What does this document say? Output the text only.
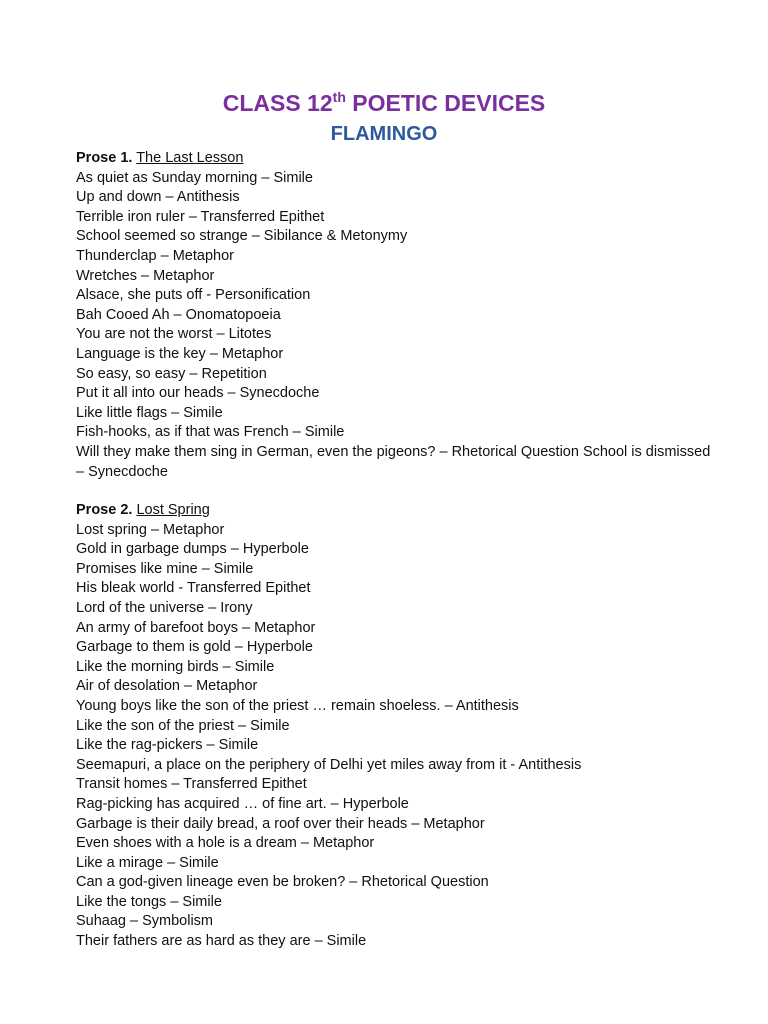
CLASS 12th POETIC DEVICES
FLAMINGO

Prose 1. The Last Lesson

As quiet as Sunday morning – Simile
Up and down – Antithesis
Terrible iron ruler – Transferred Epithet
School seemed so strange – Sibilance & Metonymy
Thunderclap – Metaphor
Wretches – Metaphor
Alsace, she puts off - Personification
Bah Cooed Ah – Onomatopoeia
You are not the worst – Litotes
Language is the key – Metaphor
So easy, so easy – Repetition
Put it all into our heads – Synecdoche
Like little flags – Simile
Fish-hooks, as if that was French – Simile
Will they make them sing in German, even the pigeons? – Rhetorical Question School is dismissed – Synecdoche

Prose 2. Lost Spring

Lost spring – Metaphor
Gold in garbage dumps – Hyperbole
Promises like mine – Simile
His bleak world - Transferred Epithet
Lord of the universe – Irony
An army of barefoot boys – Metaphor
Garbage to them is gold – Hyperbole
Like the morning birds – Simile
Air of desolation – Metaphor
Young boys like the son of the priest … remain shoeless. – Antithesis
Like the son of the priest – Simile
Like the rag-pickers – Simile
Seemapuri, a place on the periphery of Delhi yet miles away from it - Antithesis
Transit homes – Transferred Epithet
Rag-picking has acquired … of fine art. – Hyperbole
Garbage is their daily bread, a roof over their heads – Metaphor
Even shoes with a hole is a dream – Metaphor
Like a mirage – Simile
Can a god-given lineage even be broken? – Rhetorical Question
Like the tongs – Simile
Suhaag – Symbolism
Their fathers are as hard as they are – Simile
